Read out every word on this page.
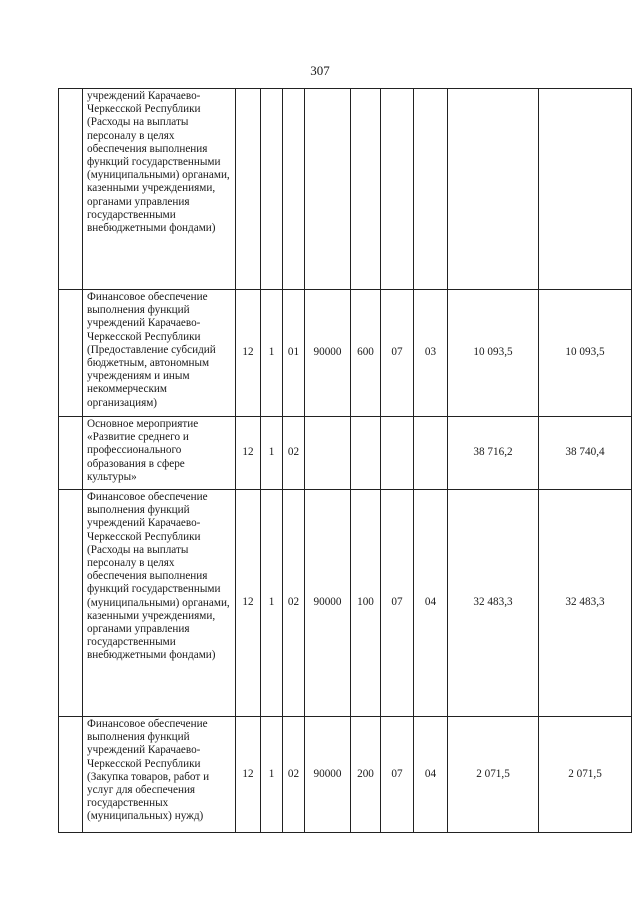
307
	учреждений Карачаево-Черкесской Республики (Расходы на выплаты персоналу в целях обеспечения выполнения функций государственными (муниципальными) органами, казенными учреждениями, органами управления государственными внебюджетными фондами)									
	Финансовое обеспечение выполнения функций учреждений Карачаево-Черкесской Республики (Предоставление субсидий бюджетным, автономным учреждениям и иным некоммерческим организациям)	12	1	01	90000	600	07	03	10 093,5	10 093,5
	Основное мероприятие «Развитие среднего и профессионального образования в сфере культуры»	12	1	02					38 716,2	38 740,4
	Финансовое обеспечение выполнения функций учреждений Карачаево-Черкесской Республики (Расходы на выплаты персоналу в целях обеспечения выполнения функций государственными (муниципальными) органами, казенными учреждениями, органами управления государственными внебюджетными фондами)	12	1	02	90000	100	07	04	32 483,3	32 483,3
	Финансовое обеспечение выполнения функций учреждений Карачаево-Черкесской Республики (Закупка товаров, работ и услуг для обеспечения государственных (муниципальных) нужд)	12	1	02	90000	200	07	04	2 071,5	2 071,5
